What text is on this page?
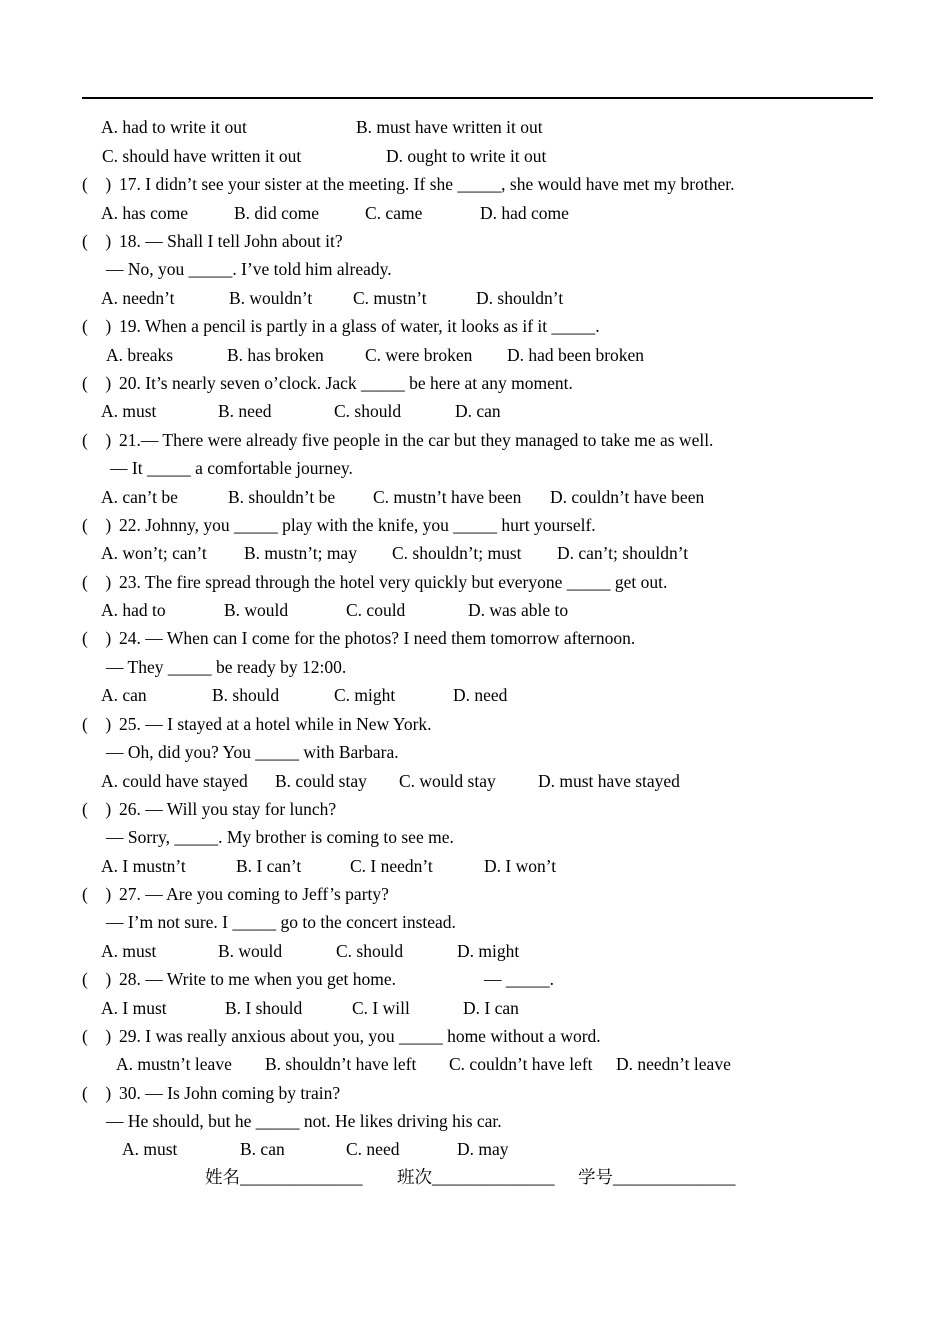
A. had to write it out	B. must have written it out
C. should have written it out	D. ought to write it out
(    ) 17. I didn’t see your sister at the meeting. If she _____, she would have met my brother.
A. has come	B. did come	C. came	D. had come
(    ) 18. — Shall I tell John about it?
— No, you _____. I’ve told him already.
A. needn’t	B. wouldn’t C. mustn’t	D. shouldn’t
(    ) 19. When a pencil is partly in a glass of water, it looks as if it _____.
A. breaks	B. has broken C. were broken D. had been broken
(    ) 20. It’s nearly seven o’clock. Jack _____ be here at any moment.
A. must	B. need	C. should	D. can
(    ) 21.— There were already five people in the car but they managed to take me as well.
— It _____ a comfortable journey.
A. can’t be	B. shouldn’t be C. mustn’t have been D. couldn’t have been
(    ) 22. Johnny, you _____ play with the knife, you _____ hurt yourself.
A. won’t; can’t B. mustn’t; may C. shouldn’t; must D. can’t; shouldn’t
(    ) 23. The fire spread through the hotel very quickly but everyone _____ get out.
A. had to	B. would	C. could	D. was able to
(    ) 24. — When can I come for the photos? I need them tomorrow afternoon.
— They _____ be ready by 12:00.
A. can	B. should	C. might	D. need
(    ) 25. — I stayed at a hotel while in New York.
— Oh, did you? You _____ with Barbara.
A. could have stayed B. could stay C. would stay D. must have stayed
(    ) 26. — Will you stay for lunch?
— Sorry, _____. My brother is coming to see me.
A. I mustn’t	B. I can’t	C. I needn’t	D. I won’t
(    ) 27. — Are you coming to Jeff’s party?
— I’m not sure. I _____ go to the concert instead.
A. must	B. would	C. should	D. might
(    ) 28. — Write to me when you get home.	— _____.
A. I must	B. I should	C. I will	D. I can
(    ) 29. I was really anxious about you, you _____ home without a word.
A. mustn’t leave B. shouldn’t have left C. couldn’t have left D. needn’t leave
(    ) 30. — Is John coming by train?
— He should, but he _____ not. He likes driving his car.
A. must	B. can	C. need	D. may
姓名______________ 班次______________ 学号______________
